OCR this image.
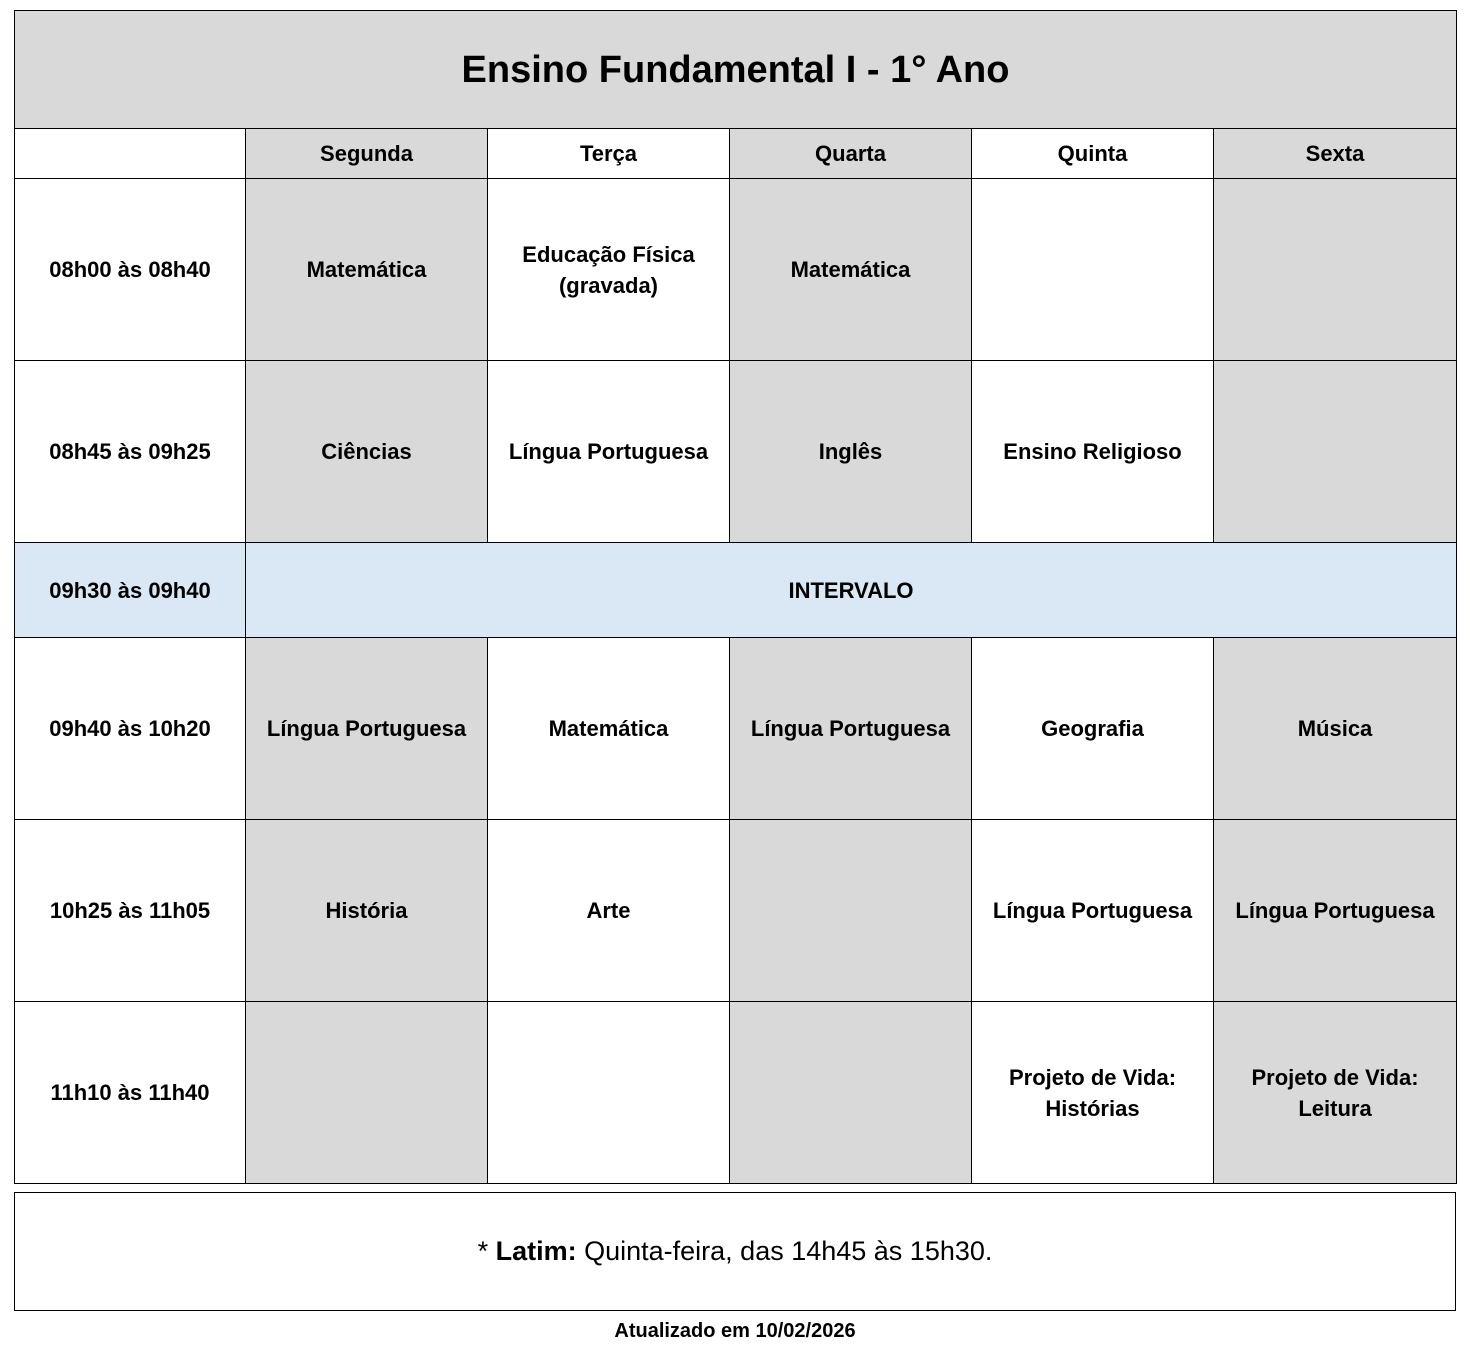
Ensino Fundamental I - 1° Ano					
	Segunda	Terça	Quarta	Quinta	Sexta
08h00 às 08h40	Matemática	Educação Física (gravada)	Matemática		
08h45 às 09h25	Ciências	Língua Portuguesa	Inglês	Ensino Religioso	
09h30 às 09h40	INTERVALO				
09h40 às 10h20	Língua Portuguesa	Matemática	Língua Portuguesa	Geografia	Música
10h25 às 11h05	História	Arte		Língua Portuguesa	Língua Portuguesa
11h10 às 11h40				Projeto de Vida: Histórias	Projeto de Vida: Leitura
* Latim: Quinta-feira, das 14h45 às 15h30.
Atualizado em 10/02/2026
